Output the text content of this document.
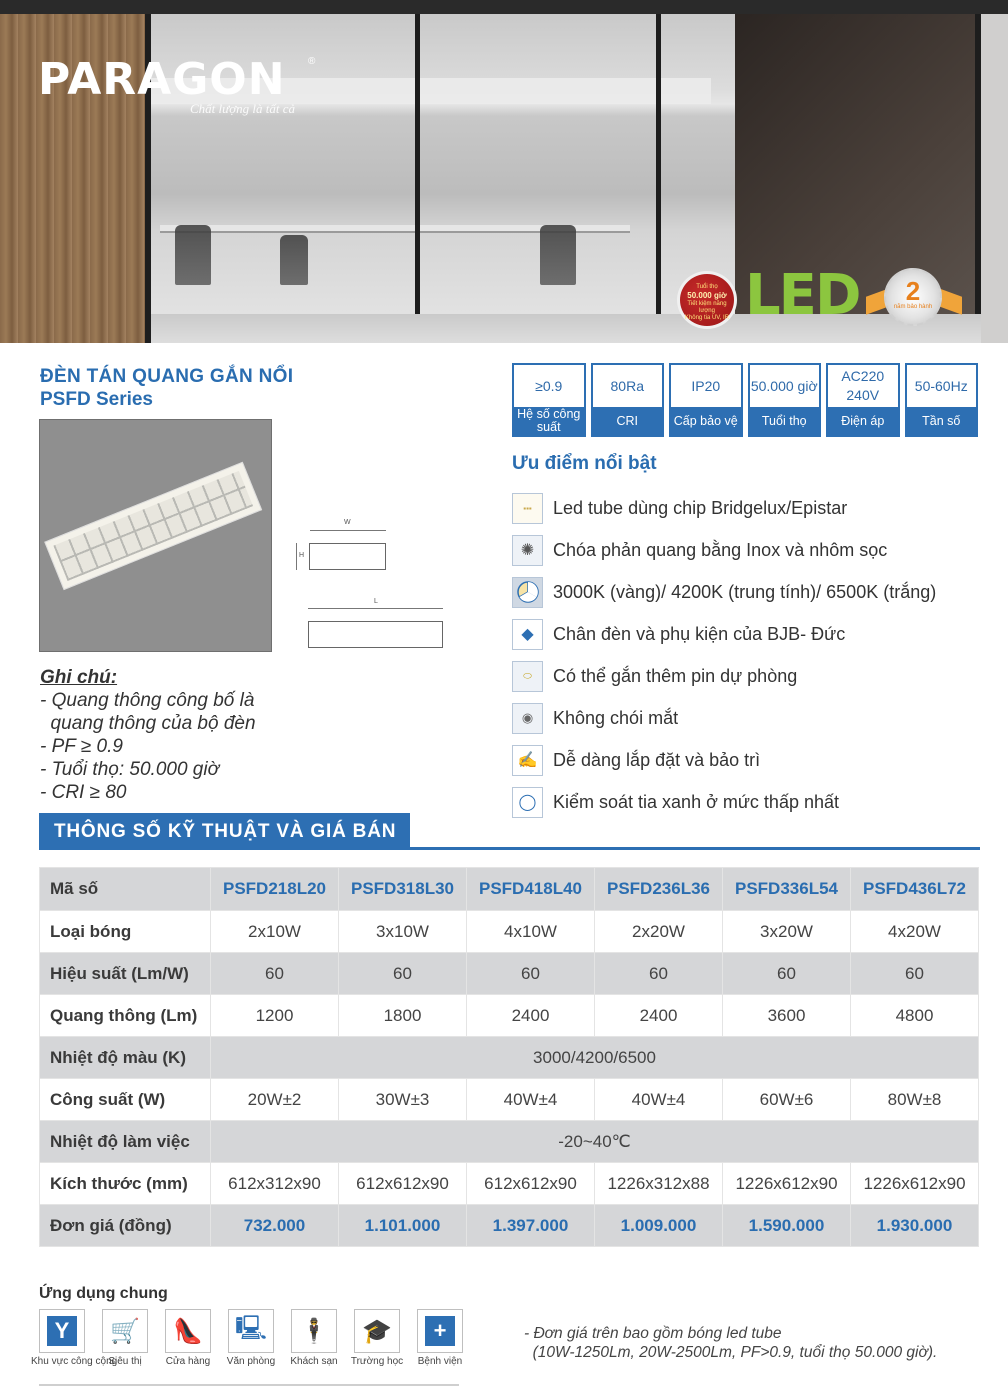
PARAGON ®
Chất lượng là tất cả
Tuổi thọ
50.000 giờ
Tiết kiệm năng lượng
Không tia UV, IR LED	2
năm bảo hành
ĐÈN TÁN QUANG GẮN NỔI
PSFD Series
W
H
L
Ghi chú:
- Quang thông công bố là
quang thông của bộ đèn
- PF ≥ 0.9
- Tuổi thọ: 50.000 giờ
- CRI ≥ 80
≥0.9
Hệ số công suất
80Ra
CRI
IP20
Cấp bảo vệ
50.000 giờ
Tuổi thọ
AC220 240V
Điện áp
50-60Hz
Tần số
Ưu điểm nổi bật
▪▪▪	Led tube dùng chip Bridgelux/Epistar
✺	Chóa phản quang bằng Inox và nhôm sọc
3000K (vàng)/ 4200K (trung tính)/ 6500K (trắng)
◆	Chân đèn và phụ kiện của BJB- Đức
⬭	Có thể gắn thêm pin dự phòng
◉	Không chói mắt
✍ Dễ dàng lắp đặt và bảo trì
◯ Kiểm soát tia xanh ở mức thấp nhất
THÔNG SỐ KỸ THUẬT VÀ GIÁ BÁN
Mã số	PSFD218L20	PSFD318L30	PSFD418L40	PSFD236L36	PSFD336L54	PSFD436L72
Loại bóng	2x10W	3x10W	4x10W	2x20W	3x20W	4x20W
Hiệu suất (Lm/W)	60	60	60	60	60	60
Quang thông (Lm)	1200	1800	2400	2400	3600	4800
Nhiệt độ màu (K)	3000/4200/6500					
Công suất (W)	20W±2	30W±3	40W±4	40W±4	60W±6	80W±8
Nhiệt độ làm việc	-20~40℃					
Kích thước (mm)	612x312x90	612x612x90	612x612x90	1226x312x88	1226x612x90	1226x612x90
Đơn giá (đồng)	732.000	1.101.000	1.397.000	1.009.000	1.590.000	1.930.000
Ứng dụng chung
Y
Khu vực công cộng
🛒
Siêu thị
👠
Cửa hàng
🖳
Văn phòng
🕴
Khách sạn
🎓
Trường học
+
Bệnh viện
- Đơn giá trên bao gồm bóng led tube
(10W-1250Lm, 20W-2500Lm, PF>0.9, tuổi thọ 50.000 giờ).
